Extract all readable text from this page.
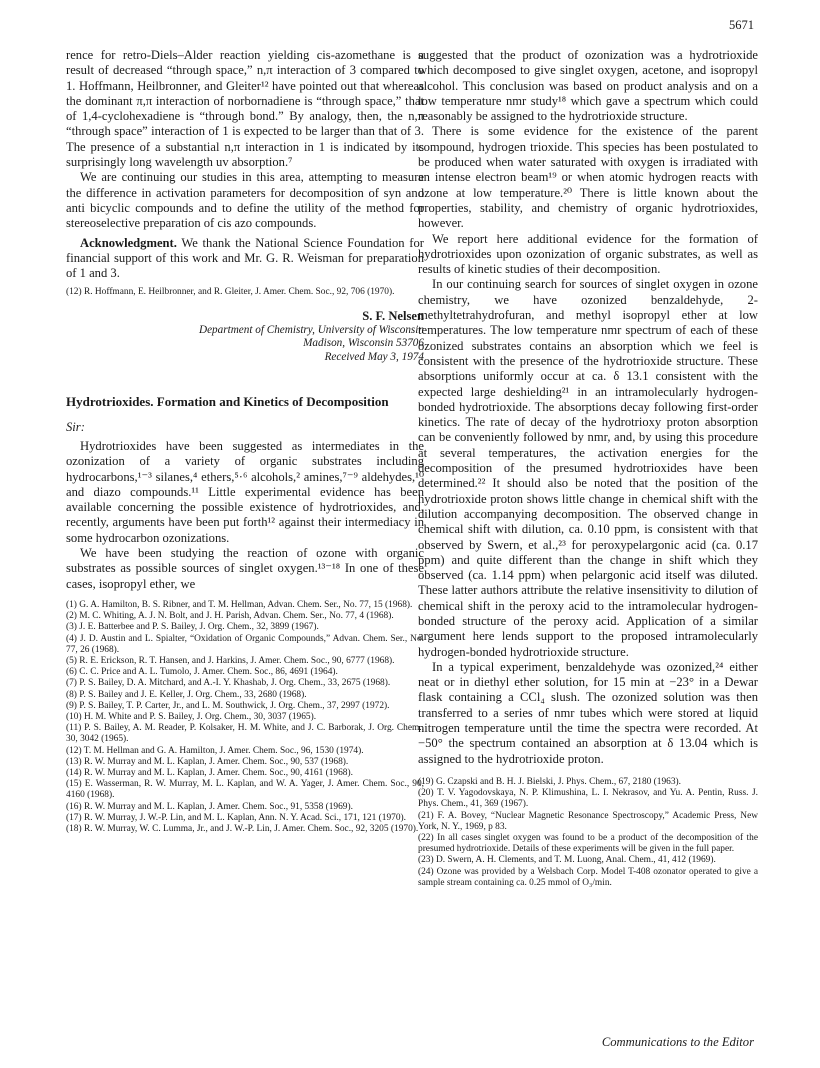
5671

rence for retro-Diels–Alder reaction yielding cis-azomethane is a result of decreased “through space,” n,π interaction of 3 compared to 1. Hoffmann, Heilbronner, and Gleiter¹² have pointed out that whereas the dominant π,π interaction of norbornadiene is “through space,” that of 1,4-cyclohexadiene is “through bond.” By analogy, then, the n,π “through space” interaction of 1 is expected to be larger than that of 3. The presence of a substantial n,π interaction in 1 is indicated by its surprisingly long wavelength uv absorption.⁷

We are continuing our studies in this area, attempting to measure the difference in activation parameters for decomposition of syn and anti bicyclic compounds and to define the utility of the method for stereoselective preparation of cis azo compounds.

Acknowledgment. We thank the National Science Foundation for financial support of this work and Mr. G. R. Weisman for preparation of 1 and 3.

(12) R. Hoffmann, E. Heilbronner, and R. Gleiter, J. Amer. Chem. Soc., 92, 706 (1970).

S. F. Nelsen

Department of Chemistry, University of Wisconsin

Madison, Wisconsin 53706

Received May 3, 1974

Hydrotrioxides. Formation and Kinetics of Decomposition

Sir:

Hydrotrioxides have been suggested as intermediates in the ozonization of a variety of organic substrates including hydrocarbons,¹⁻³ silanes,⁴ ethers,⁵·⁶ alcohols,² amines,⁷⁻⁹ aldehydes,¹⁰ and diazo compounds.¹¹ Little experimental evidence has been available concerning the possible existence of hydrotrioxides, and, recently, arguments have been put forth¹² against their intermediacy in some hydrocarbon ozonizations.

We have been studying the reaction of ozone with organic substrates as possible sources of singlet oxygen.¹³⁻¹⁸ In one of these cases, isopropyl ether, we

(1) G. A. Hamilton, B. S. Ribner, and T. M. Hellman, Advan. Chem. Ser., No. 77, 15 (1968).

(2) M. C. Whiting, A. J. N. Bolt, and J. H. Parish, Advan. Chem. Ser., No. 77, 4 (1968).

(3) J. E. Batterbee and P. S. Bailey, J. Org. Chem., 32, 3899 (1967).

(4) J. D. Austin and L. Spialter, “Oxidation of Organic Compounds,” Advan. Chem. Ser., No. 77, 26 (1968).

(5) R. E. Erickson, R. T. Hansen, and J. Harkins, J. Amer. Chem. Soc., 90, 6777 (1968).

(6) C. C. Price and A. L. Tumolo, J. Amer. Chem. Soc., 86, 4691 (1964).

(7) P. S. Bailey, D. A. Mitchard, and A.-I. Y. Khashab, J. Org. Chem., 33, 2675 (1968).

(8) P. S. Bailey and J. E. Keller, J. Org. Chem., 33, 2680 (1968).

(9) P. S. Bailey, T. P. Carter, Jr., and L. M. Southwick, J. Org. Chem., 37, 2997 (1972).

(10) H. M. White and P. S. Bailey, J. Org. Chem., 30, 3037 (1965).

(11) P. S. Bailey, A. M. Reader, P. Kolsaker, H. M. White, and J. C. Barborak, J. Org. Chem., 30, 3042 (1965).

(12) T. M. Hellman and G. A. Hamilton, J. Amer. Chem. Soc., 96, 1530 (1974).

(13) R. W. Murray and M. L. Kaplan, J. Amer. Chem. Soc., 90, 537 (1968).

(14) R. W. Murray and M. L. Kaplan, J. Amer. Chem. Soc., 90, 4161 (1968).

(15) E. Wasserman, R. W. Murray, M. L. Kaplan, and W. A. Yager, J. Amer. Chem. Soc., 90, 4160 (1968).

(16) R. W. Murray and M. L. Kaplan, J. Amer. Chem. Soc., 91, 5358 (1969).

(17) R. W. Murray, J. W.-P. Lin, and M. L. Kaplan, Ann. N. Y. Acad. Sci., 171, 121 (1970).

(18) R. W. Murray, W. C. Lumma, Jr., and J. W.-P. Lin, J. Amer. Chem. Soc., 92, 3205 (1970).

suggested that the product of ozonization was a hydrotrioxide which decomposed to give singlet oxygen, acetone, and isopropyl alcohol. This conclusion was based on product analysis and on a low temperature nmr study¹⁸ which gave a spectrum which could reasonably be assigned to the hydrotrioxide structure.

There is some evidence for the existence of the parent compound, hydrogen trioxide. This species has been postulated to be produced when water saturated with oxygen is irradiated with an intense electron beam¹⁹ or when atomic hydrogen reacts with ozone at low temperature.²⁰ There is little known about the properties, stability, and chemistry of organic hydrotrioxides, however.

We report here additional evidence for the formation of hydrotrioxides upon ozonization of organic substrates, as well as results of kinetic studies of their decomposition.

In our continuing search for sources of singlet oxygen in ozone chemistry, we have ozonized benzaldehyde, 2-methyltetrahydrofuran, and methyl isopropyl ether at low temperatures. The low temperature nmr spectrum of each of these ozonized substrates contains an absorption which we feel is consistent with the presence of the hydrotrioxide structure. These absorptions uniformly occur at ca. δ 13.1 consistent with the expected large deshielding²¹ in an intramolecularly hydrogen-bonded hydrotrioxide. The absorptions decay following first-order kinetics. The rate of decay of the hydrotrioxy proton absorption can be conveniently followed by nmr, and, by using this procedure at several temperatures, the activation energies for the decomposition of the presumed hydrotrioxides have been determined.²² It should also be noted that the position of the hydrotrioxide proton shows little change in chemical shift with the dilution accompanying decomposition. The observed change in chemical shift with dilution, ca. 0.10 ppm, is consistent with that observed by Swern, et al.,²³ for peroxypelargonic acid (ca. 0.17 ppm) and quite different than the change in shift which they observed (ca. 1.14 ppm) when pelargonic acid itself was diluted. These latter authors attribute the relative insensitivity to dilution of chemical shift in the peroxy acid to the intramolecular hydrogen-bonded structure of the peroxy acid. Application of a similar argument here lends support to the proposed intramolecularly hydrogen-bonded hydrotrioxide structure.

In a typical experiment, benzaldehyde was ozonized,²⁴ either neat or in diethyl ether solution, for 15 min at −23° in a Dewar flask containing a CCl₄ slush. The ozonized solution was then transferred to a series of nmr tubes which were stored at liquid nitrogen temperature until the time the spectra were recorded. At −50° the spectrum contained an absorption at δ 13.04 which is assigned to the hydrotrioxide proton.

(19) G. Czapski and B. H. J. Bielski, J. Phys. Chem., 67, 2180 (1963).

(20) T. V. Yagodovskaya, N. P. Klimushina, L. I. Nekrasov, and Yu. A. Pentin, Russ. J. Phys. Chem., 41, 369 (1967).

(21) F. A. Bovey, “Nuclear Magnetic Resonance Spectroscopy,” Academic Press, New York, N. Y., 1969, p 83.

(22) In all cases singlet oxygen was found to be a product of the decomposition of the presumed hydrotrioxide. Details of these experiments will be given in the full paper.

(23) D. Swern, A. H. Clements, and T. M. Luong, Anal. Chem., 41, 412 (1969).

(24) Ozone was provided by a Welsbach Corp. Model T-408 ozonator operated to give a sample stream containing ca. 0.25 mmol of O₃/min.

Communications to the Editor
